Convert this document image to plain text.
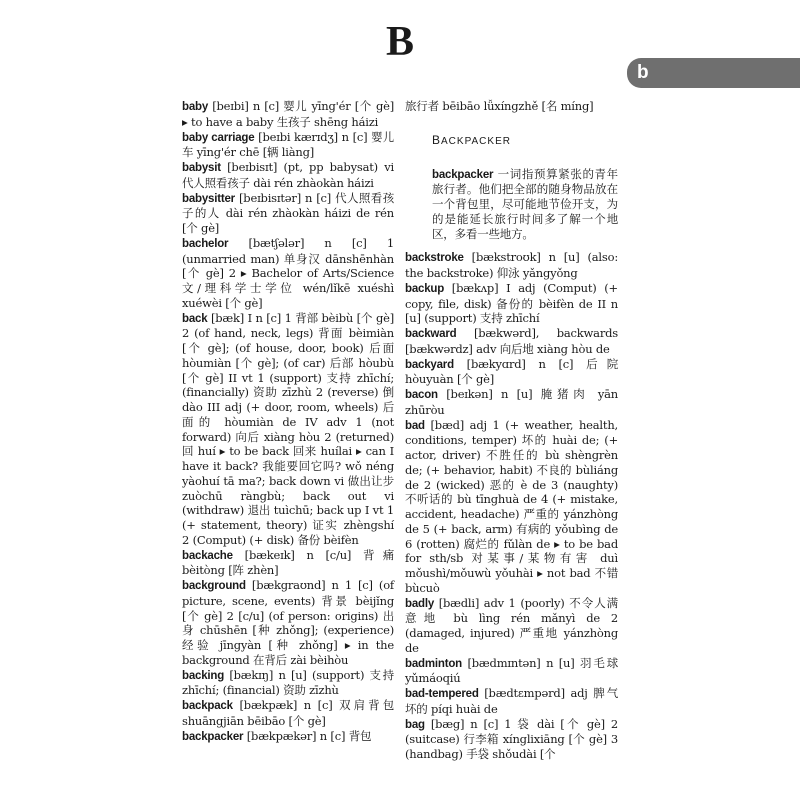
B
b

baby [beɪbi] n [c] 婴儿 yīng'ér [个 gè] ▸ to have a baby 生孩子 shēng háizi

baby carriage [beɪbi kærɪdʒ] n [c] 婴儿车 yīng'ér chē [辆 liàng]

babysit [beɪbisɪt] (pt, pp babysat) vi 代人照看孩子 dài rén zhàokàn háizi

babysitter [beɪbisɪtər] n [c] 代人照看孩子的人 dài rén zhàokàn háizi de rén [个 gè]

bachelor [bætʃələr] n [c] 1 (unmarried man) 单身汉 dānshēnhàn [个 gè] 2 ▸ Bachelor of Arts/Science 文/理科学士学位 wén/lǐkē xuéshì xuéwèi [个 gè]

back [bæk] I n [c] 1 背部 bèibù [个 gè] 2 (of hand, neck, legs) 背面 bèimiàn [个 gè]; (of house, door, book) 后面 hòumiàn [个 gè]; (of car) 后部 hòubù [个 gè] II vt 1 (support) 支持 zhīchí; (financially) 资助 zīzhù 2 (reverse) 倒 dào III adj (+ door, room, wheels) 后面的 hòumiàn de IV adv 1 (not forward) 向后 xiàng hòu 2 (returned) 回 huí ▸ to be back 回来 huílai ▸ can I have it back? 我能要回它吗? wǒ néng yàohuí tā ma?; back down vi 做出让步 zuòchū ràngbù; back out vi (withdraw) 退出 tuìchū; back up I vt 1 (+ statement, theory) 证实 zhèngshí 2 (Comput) (+ disk) 备份 bèifèn

backache [bækeɪk] n [c/u] 背痛 bèitòng [阵 zhèn]

background [bækgraʊnd] n 1 [c] (of picture, scene, events) 背景 bèijǐng [个 gè] 2 [c/u] (of person: origins) 出身 chūshēn [种 zhǒng]; (experience) 经验 jīngyàn [种 zhǒng] ▸ in the background 在背后 zài bèihòu

backing [bækɪŋ] n [u] (support) 支持 zhīchí; (financial) 资助 zīzhù

backpack [bækpæk] n [c] 双肩背包 shuāngjiān bēibāo [个 gè]

backpacker [bækpækər] n [c] 背包

旅行者 bēibāo lǚxíngzhě [名 míng]

BACKPACKER

backpacker 一词指预算紧张的青年旅行者。他们把全部的随身物品放在一个背包里，尽可能地节俭开支，为的是能延长旅行时间多了解一个地区，多看一些地方。

backstroke [bækstroʊk] n [u] (also: the backstroke) 仰泳 yǎngyǒng

backup [bækʌp] I adj (Comput) (+ copy, file, disk) 备份的 bèifèn de II n [u] (support) 支持 zhīchí

backward [bækwərd], backwards [bækwərdz] adv 向后地 xiàng hòu de

backyard [bækyɑrd] n [c] 后院 hòuyuàn [个 gè]

bacon [beɪkən] n [u] 腌猪肉 yān zhūròu

bad [bæd] adj 1 (+ weather, health, conditions, temper) 坏的 huài de; (+ actor, driver) 不胜任的 bù shèngrèn de; (+ behavior, habit) 不良的 bùliáng de 2 (wicked) 恶的 è de 3 (naughty) 不听话的 bù tīnghuà de 4 (+ mistake, accident, headache) 严重的 yánzhòng de 5 (+ back, arm) 有病的 yǒubìng de 6 (rotten) 腐烂的 fǔlàn de ▸ to be bad for sth/sb 对某事/某物有害 duì mǒushì/mǒuwù yǒuhài ▸ not bad 不错 bùcuò

badly [bædli] adv 1 (poorly) 不令人满意地 bù lìng rén mǎnyì de 2 (damaged, injured) 严重地 yánzhòng de

badminton [bædmɪntən] n [u] 羽毛球 yǔmáoqiú

bad-tempered [bædtɛmpərd] adj 脾气坏的 píqi huài de

bag [bæg] n [c] 1 袋 dài [个 gè] 2 (suitcase) 行李箱 xínglixiāng [个 gè] 3 (handbag) 手袋 shǒudài [个
